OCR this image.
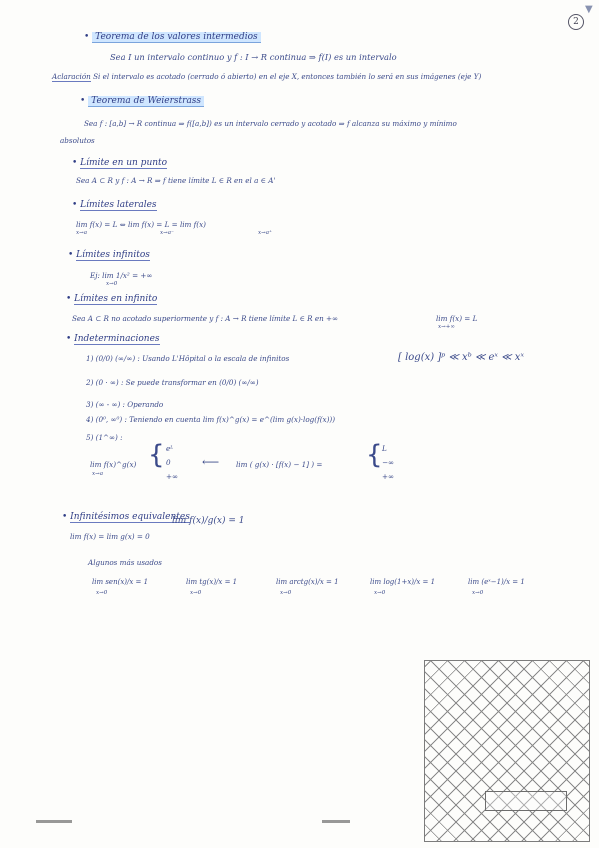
2
▼
• Teorema de los valores intermedios
Sea I un intervalo continuo y f : I → R continua ⇒ f(I) es un intervalo
Aclaración Si el intervalo es acotado (cerrado ó abierto) en el eje X, entonces también lo será en sus imágenes (eje Y)
• Teorema de Weierstrass
Sea f : [a,b] → R continua ⇒ f([a,b]) es un intervalo cerrado y acotado ⇒ f alcanza su máximo y mínimo
absolutos
• Límite en un punto
Sea A ⊂ R y f : A → R ⇒ f tiene límite L ∈ R en el a ∈ A'
• Límites laterales
lim f(x) = L ⇔ lim f(x) = L = lim f(x)
x→a	x→a⁻	x→a⁺
• Límites infinitos
Ej: lim 1/x² = +∞
x→0
• Límites en infinito
Sea A ⊂ R no acotado superiormente y f : A → R tiene límite L ∈ R en +∞	lim f(x) = L
x→+∞
• Indeterminaciones
1) (0/0) (∞/∞) : Usando L'Hôpital o la escala de infinitos	[ log(x) ]ᵖ ≪ xᵇ ≪ eˣ ≪ xˣ
2) (0 · ∞) : Se puede transformar en (0/0) (∞/∞)
3) (∞ - ∞) : Operando
4) (0⁰, ∞⁰) : Teniendo en cuenta lim f(x)^g(x) = e^(lim g(x)·log(f(x)))
5) (1^∞) :
lim f(x)^g(x)
x→a
{ eᴸ
0
+∞
⟵ lim ( g(x) · [f(x) − 1] ) = { L
−∞
+∞
• Infinitésimos equivalentes
lim f(x)/g(x) = 1
lim f(x) = lim g(x) = 0
Algunos más usados
lim sen(x)/x = 1	lim tg(x)/x = 1	lim arctg(x)/x = 1	lim log(1+x)/x = 1	lim (eˣ−1)/x = 1
x→0	x→0	x→0	x→0	x→0
